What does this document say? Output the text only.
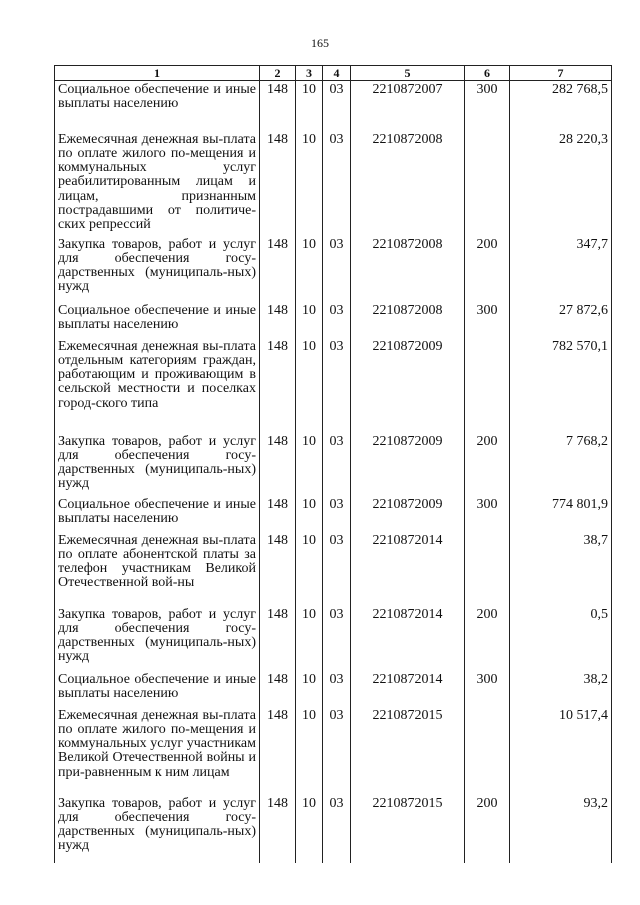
165
1	2	3	4	5	6	7
Социальное обеспечение и иные выплаты населению	148	10	03	2210872007	300	282 768,5
Ежемесячная денежная вы-плата по оплате жилого по-мещения и коммунальных услуг реабилитированным лицам и лицам, признанным пострадавшими от политиче-ских репрессий	148	10	03	2210872008		28 220,3
Закупка товаров, работ и услуг для обеспечения госу-дарственных (муниципаль-ных) нужд	148	10	03	2210872008	200	347,7
Социальное обеспечение и иные выплаты населению	148	10	03	2210872008	300	27 872,6
Ежемесячная денежная вы-плата отдельным категориям граждан, работающим и проживающим в сельской местности и поселках город-ского типа	148	10	03	2210872009		782 570,1
Закупка товаров, работ и услуг для обеспечения госу-дарственных (муниципаль-ных) нужд	148	10	03	2210872009	200	7 768,2
Социальное обеспечение и иные выплаты населению	148	10	03	2210872009	300	774 801,9
Ежемесячная денежная вы-плата по оплате абонентской платы за телефон участникам Великой Отечественной вой-ны	148	10	03	2210872014		38,7
Закупка товаров, работ и услуг для обеспечения госу-дарственных (муниципаль-ных) нужд	148	10	03	2210872014	200	0,5
Социальное обеспечение и иные выплаты населению	148	10	03	2210872014	300	38,2
Ежемесячная денежная вы-плата по оплате жилого по-мещения и коммунальных услуг участникам Великой Отечественной войны и при-равненным к ним лицам	148	10	03	2210872015		10 517,4
Закупка товаров, работ и услуг для обеспечения госу-дарственных (муниципаль-ных) нужд	148	10	03	2210872015	200	93,2
